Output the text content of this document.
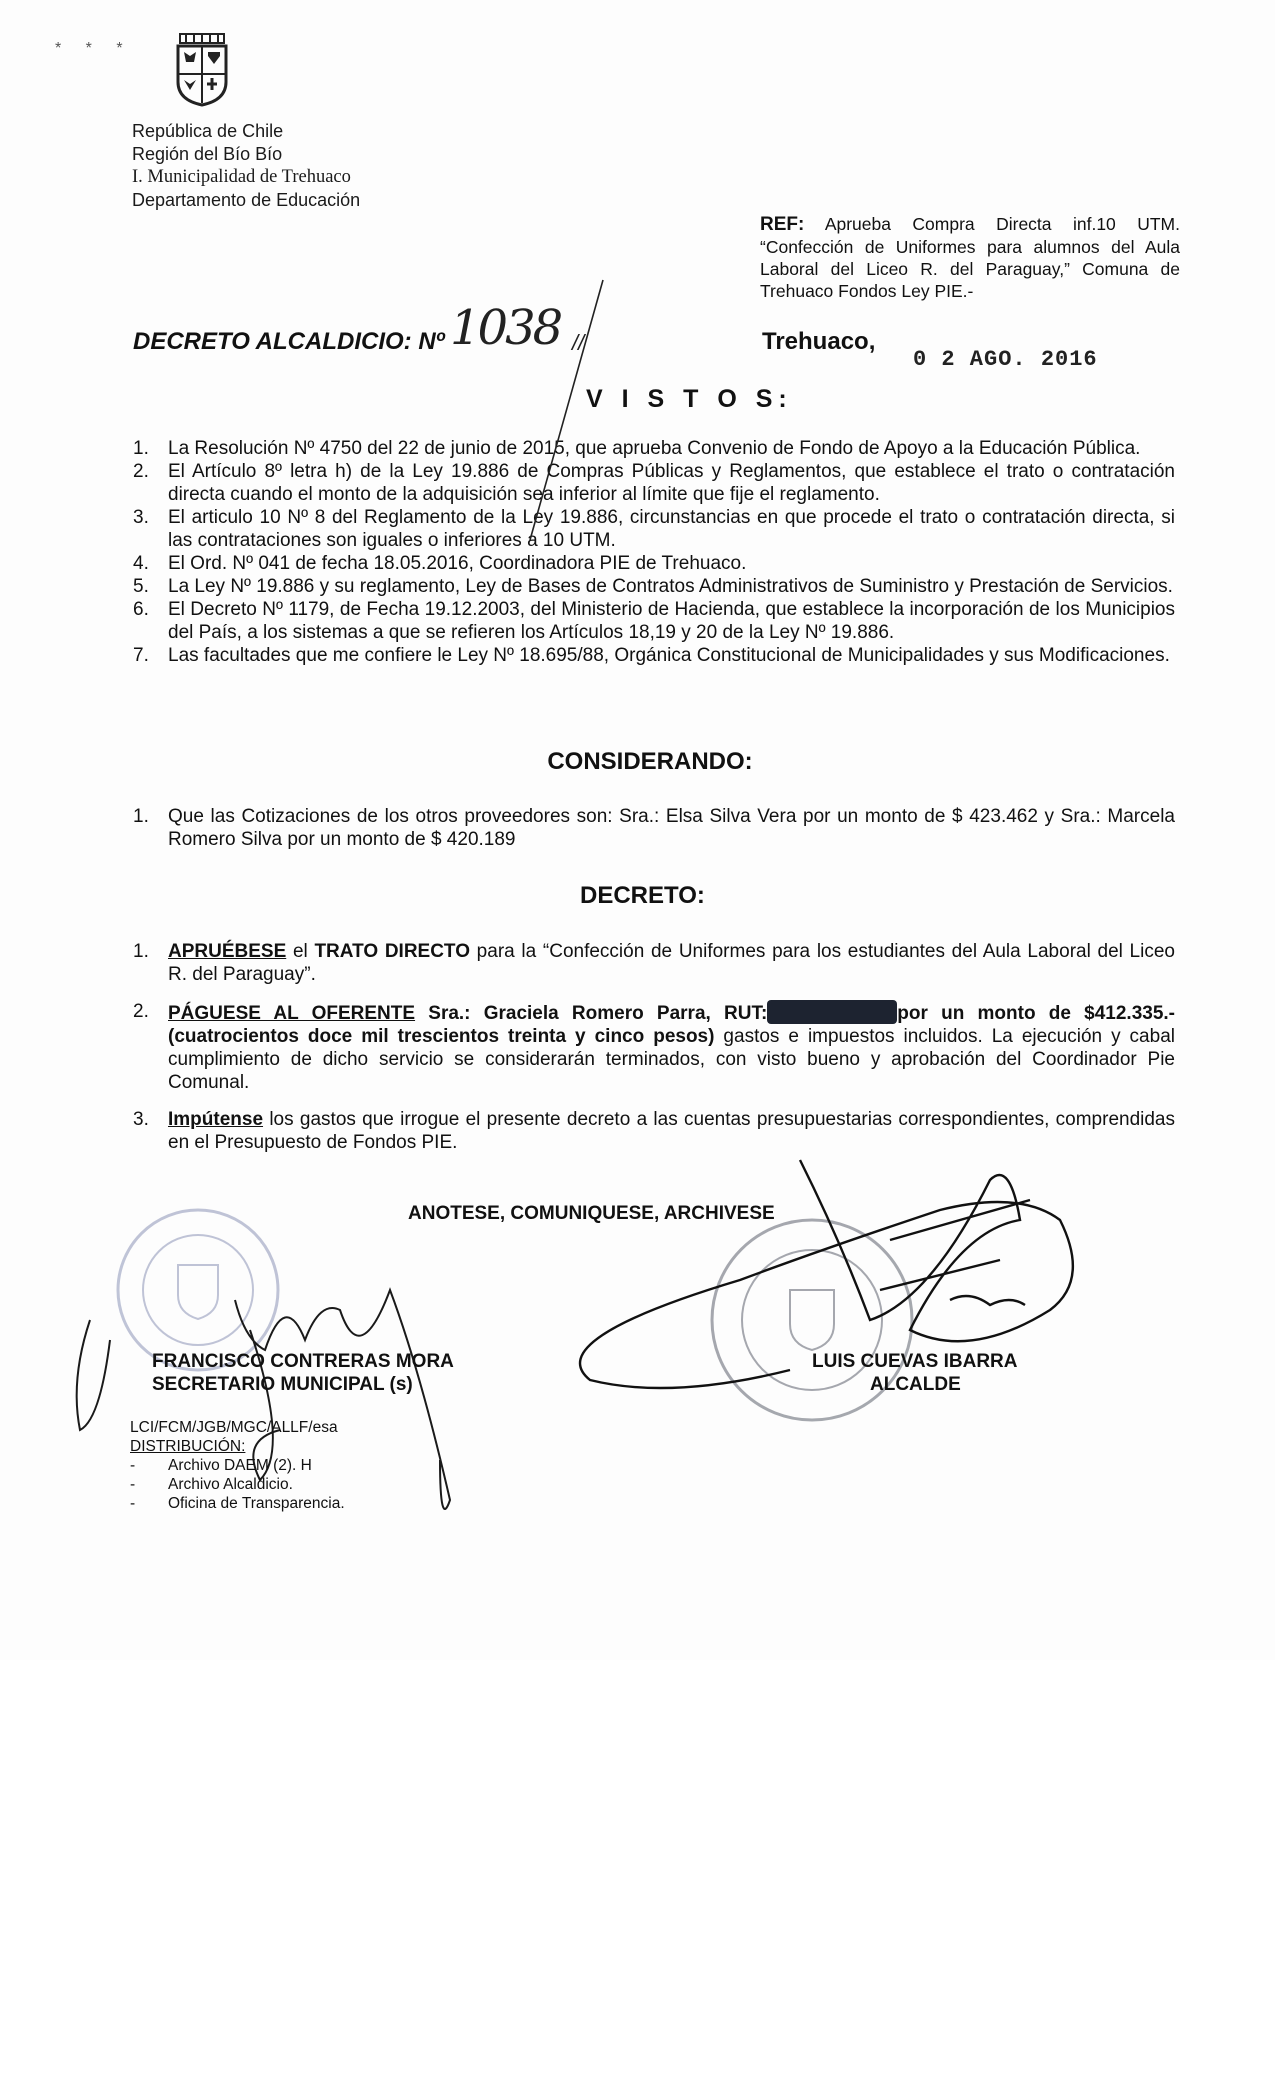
* * *
República de Chile
Región del Bío Bío
I. Municipalidad de Trehuaco
Departamento de Educación
REF: Aprueba Compra Directa inf.10 UTM. “Confección de Uniformes para alumnos del Aula Laboral del Liceo R. del Paraguay,” Comuna de Trehuaco Fondos Ley PIE.-
DECRETO ALCALDICIO: Nº 1038 //	Trehuaco,
0 2 AGO. 2016
V I S T O S:
1. La Resolución Nº 4750 del 22 de junio de 2015, que aprueba Convenio de Fondo de Apoyo a la Educación Pública.
2. El Artículo 8º letra h) de la Ley 19.886 de Compras Públicas y Reglamentos, que establece el trato o contratación directa cuando el monto de la adquisición sea inferior al límite que fije el reglamento.
3. El articulo 10 Nº 8 del Reglamento de la Ley 19.886, circunstancias en que procede el trato o contratación directa, si las contrataciones son iguales o inferiores a 10 UTM.
4. El Ord. Nº 041 de fecha 18.05.2016, Coordinadora PIE de Trehuaco.
5. La Ley Nº 19.886 y su reglamento, Ley de Bases de Contratos Administrativos de Suministro y Prestación de Servicios.
6. El Decreto Nº 1179, de Fecha 19.12.2003, del Ministerio de Hacienda, que establece la incorporación de los Municipios del País, a los sistemas a que se refieren los Artículos 18,19 y 20 de la Ley Nº 19.886.
7. Las facultades que me confiere le Ley Nº 18.695/88, Orgánica Constitucional de Municipalidades y sus Modificaciones.
CONSIDERANDO:
1. Que las Cotizaciones de los otros proveedores son: Sra.: Elsa Silva Vera por un monto de $ 423.462 y Sra.: Marcela Romero Silva por un monto de $ 420.189
DECRETO:
1. APRUÉBESE el TRATO DIRECTO para la “Confección de Uniformes para los estudiantes del Aula Laboral del Liceo R. del Paraguay”.
2. PÁGUESE AL OFERENTE Sra.: Graciela Romero Parra, RUT:	por un monto de $412.335.- (cuatrocientos doce mil trescientos treinta y cinco pesos) gastos e impuestos incluidos. La ejecución y cabal cumplimiento de dicho servicio se considerarán terminados, con visto bueno y aprobación del Coordinador Pie Comunal.
3. Impútense los gastos que irrogue el presente decreto a las cuentas presupuestarias correspondientes, comprendidas en el Presupuesto de Fondos PIE.
ANOTESE, COMUNIQUESE, ARCHIVESE
FRANCISCO CONTRERAS MORA
SECRETARIO MUNICIPAL (s)
LUIS CUEVAS IBARRA
ALCALDE
LCI/FCM/JGB/MGC/ALLF/esa
DISTRIBUCIÓN:
-	Archivo DAEM (2). H
-	Archivo Alcaldicio.
-	Oficina de Transparencia.
